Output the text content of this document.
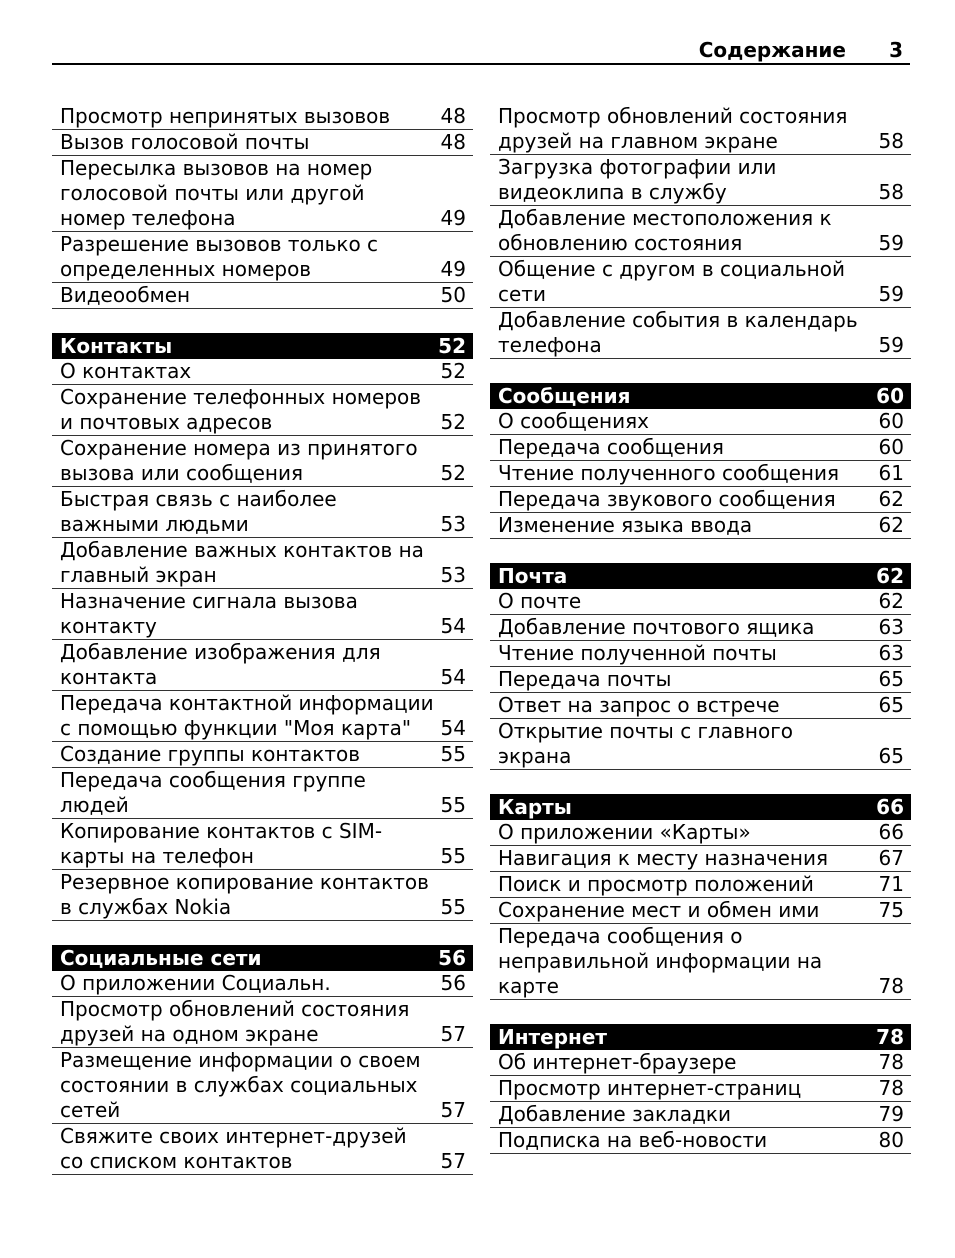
Содержание 3
Просмотр непринятых вызовов	48
Вызов голосовой почты	48
Пересылка вызовов на номер голосовой почты или другой номер телефона	49
Разрешение вызовов только с определенных номеров	49
Видеообмен	50
Контакты	52
О контактах	52
Сохранение телефонных номеров и почтовых адресов	52
Сохранение номера из принятого вызова или сообщения	52
Быстрая связь с наиболее важными людьми	53
Добавление важных контактов на главный экран	53
Назначение сигнала вызова контакту	54
Добавление изображения для контакта	54
Передача контактной информации с помощью функции "Моя карта"	54
Создание группы контактов	55
Передача сообщения группе людей	55
Копирование контактов с SIM-карты на телефон	55
Резервное копирование контактов в службах Nokia	55
Социальные сети	56
О приложении Социальн.	56
Просмотр обновлений состояния друзей на одном экране	57
Размещение информации о своем состоянии в службах социальных сетей	57
Свяжите своих интернет-друзей со списком контактов	57
Просмотр обновлений состояния друзей на главном экране	58
Загрузка фотографии или видеоклипа в службу	58
Добавление местоположения к обновлению состояния	59
Общение с другом в социальной сети	59
Добавление события в календарь телефона	59
Сообщения	60
О сообщениях	60
Передача сообщения	60
Чтение полученного сообщения	61
Передача звукового сообщения	62
Изменение языка ввода	62
Почта	62
О почте	62
Добавление почтового ящика	63
Чтение полученной почты	63
Передача почты	65
Ответ на запрос о встрече	65
Открытие почты с главного экрана	65
Карты	66
О приложении «Карты»	66
Навигация к месту назначения	67
Поиск и просмотр положений	71
Сохранение мест и обмен ими	75
Передача сообщения о неправильной информации на карте	78
Интернет	78
Об интернет-браузере	78
Просмотр интернет-страниц	78
Добавление закладки	79
Подписка на веб-новости	80
